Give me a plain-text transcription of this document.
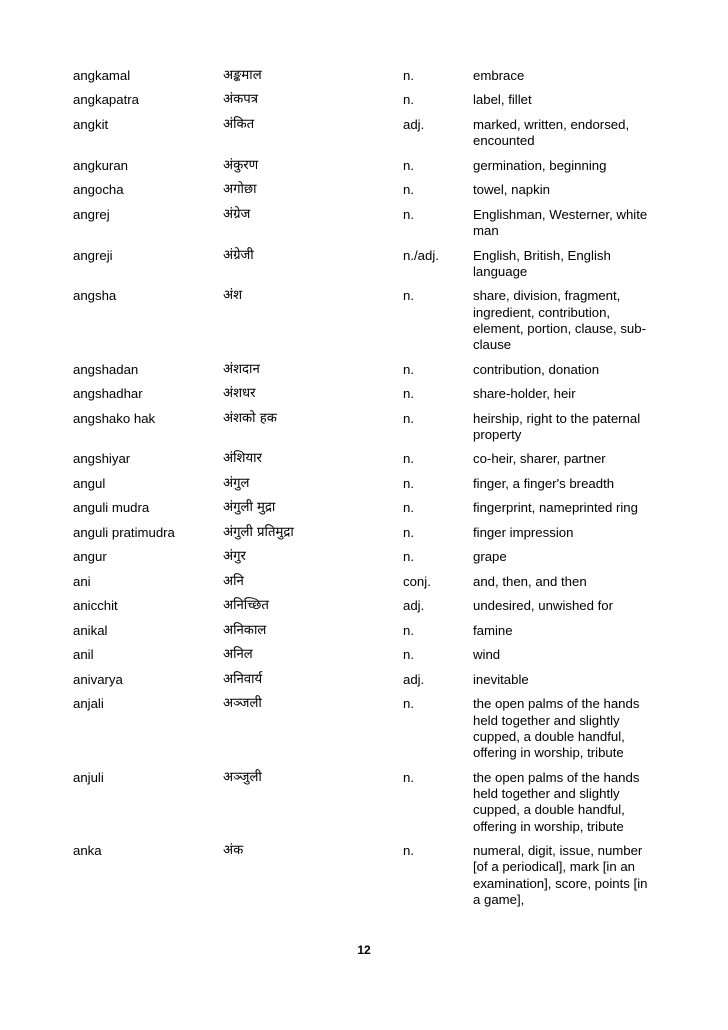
angkamal	अङ्कमाल	n.	embrace
angkapatra	अंकपत्र	n.	label, fillet
angkit	अंकित	adj.	marked, written, endorsed, encounted
angkuran	अंकुरण	n.	germination, beginning
angocha	अगोछा	n.	towel, napkin
angrej	अंग्रेज	n.	Englishman, Westerner, white man
angreji	अंग्रेजी	n./adj.	English, British, English language
angsha	अंश	n.	share, division, fragment, ingredient, contribution, element, portion, clause, sub-clause
angshadan	अंशदान	n.	contribution, donation
angshadhar	अंशधर	n.	share-holder, heir
angshako hak	अंशको हक	n.	heirship, right to the paternal property
angshiyar	अंशियार	n.	co-heir, sharer, partner
angul	अंगुल	n.	finger, a finger's breadth
anguli mudra	अंगुली मुद्रा	n.	fingerprint, nameprinted ring
anguli pratimudra	अंगुली प्रतिमुद्रा	n.	finger impression
angur	अंगुर	n.	grape
ani	अनि	conj.	and, then, and then
anicchit	अनिच्छित	adj.	undesired, unwished for
anikal	अनिकाल	n.	famine
anil	अनिल	n.	wind
anivarya	अनिवार्य	adj.	inevitable
anjali	अञ्जली	n.	the open palms of the hands held together and slightly cupped, a double handful, offering in worship, tribute
anjuli	अञ्जुली	n.	the open palms of the hands held together and slightly cupped, a double handful, offering in worship, tribute
anka	अंक	n.	numeral, digit, issue, number [of a periodical], mark [in an examination], score, points [in a game],
12
